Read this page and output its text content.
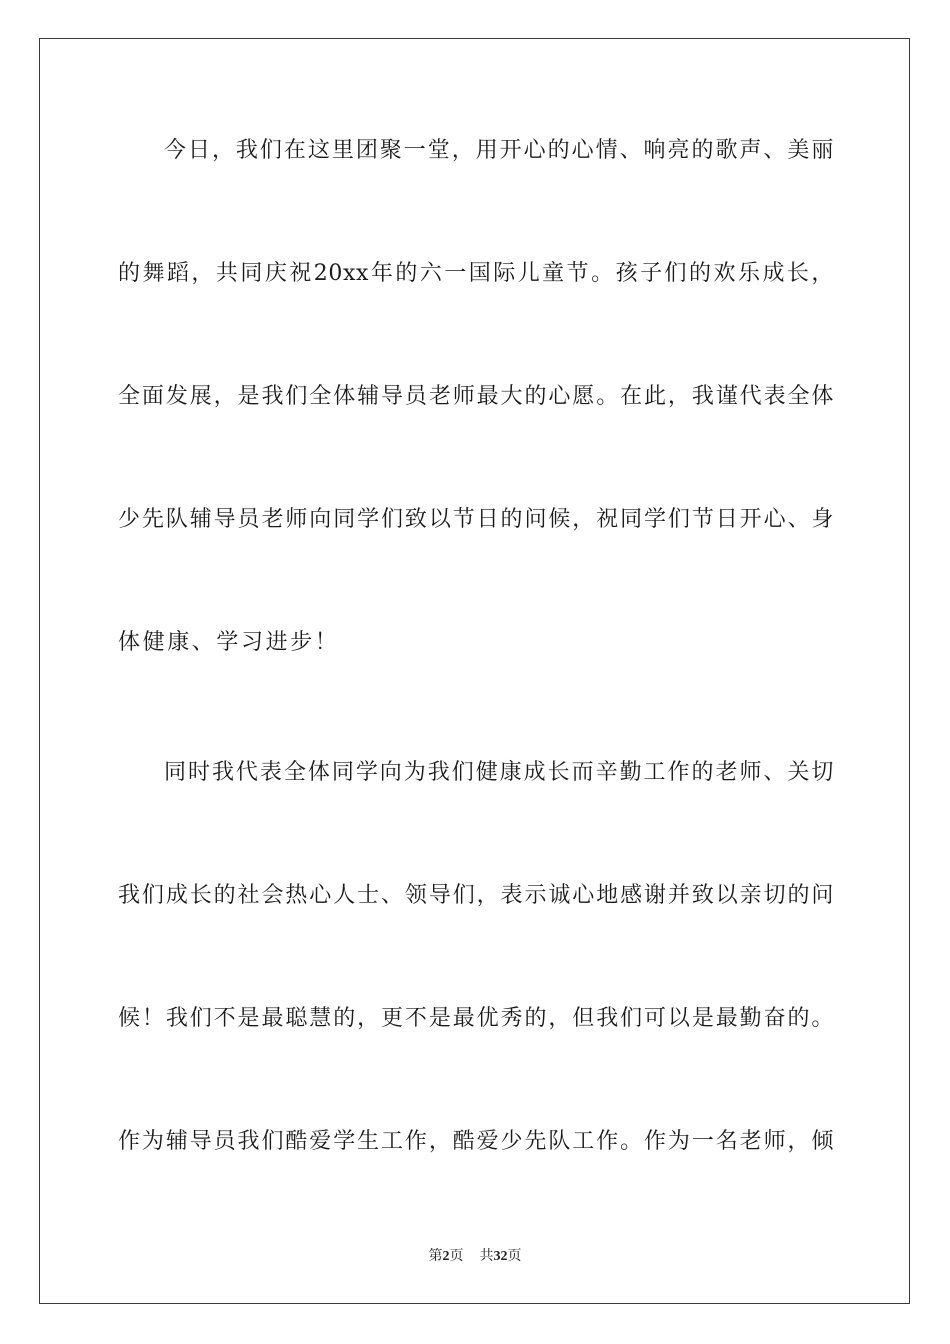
今日，我们在这里团聚一堂，用开心的心情、响亮的歌声、美丽
的舞蹈，共同庆祝20xx年的六一国际儿童节。孩子们的欢乐成长，
全面发展，是我们全体辅导员老师最大的心愿。在此，我谨代表全体
少先队辅导员老师向同学们致以节日的问候，祝同学们节日开心、身
体健康、学习进步！
同时我代表全体同学向为我们健康成长而辛勤工作的老师、关切
我们成长的社会热心人士、领导们，表示诚心地感谢并致以亲切的问
候！我们不是最聪慧的，更不是最优秀的，但我们可以是最勤奋的。
作为辅导员我们酷爱学生工作，酷爱少先队工作。作为一名老师，倾
第2页 共32页
